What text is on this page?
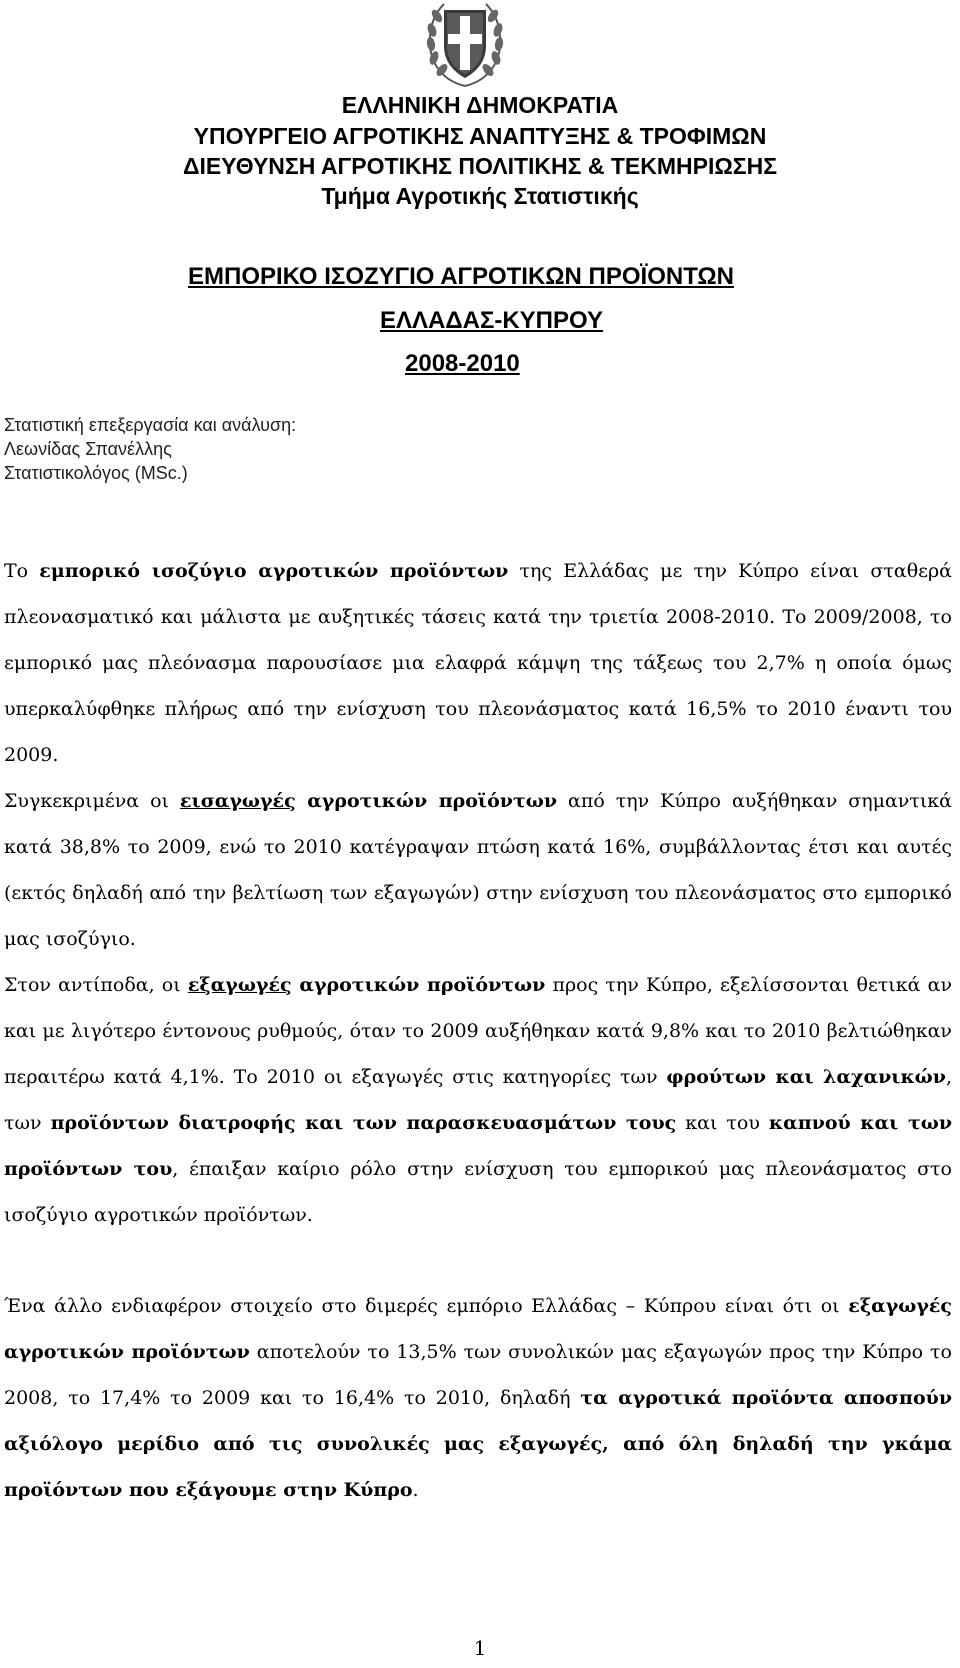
ΕΛΛΗΝΙΚΗ ΔΗΜΟΚΡΑΤΙΑ
ΥΠΟΥΡΓΕΙΟ ΑΓΡΟΤΙΚΗΣ ΑΝΑΠΤΥΞΗΣ & ΤΡΟΦΙΜΩΝ
ΔΙΕΥΘΥΝΣΗ ΑΓΡΟΤΙΚΗΣ ΠΟΛΙΤΙΚΗΣ & ΤΕΚΜΗΡΙΩΣΗΣ
Τμήμα Αγροτικής Στατιστικής
ΕΜΠΟΡΙΚΟ ΙΣΟΖΥΓΙΟ ΑΓΡΟΤΙΚΩΝ ΠΡΟΪΟΝΤΩΝ
ΕΛΛΑΔΑΣ-ΚΥΠΡΟΥ
2008-2010
Στατιστική επεξεργασία και ανάλυση:
Λεωνίδας Σπανέλλης
Στατιστικολόγος (MSc.)

Το εμπορικό ισοζύγιο αγροτικών προϊόντων της Ελλάδας με την Κύπρο είναι σταθερά πλεονασματικό και μάλιστα με αυξητικές τάσεις κατά την τριετία 2008-2010. Το 2009/2008, το εμπορικό μας πλεόνασμα παρουσίασε μια ελαφρά κάμψη της τάξεως του 2,7% η οποία όμως υπερκαλύφθηκε πλήρως από την ενίσχυση του πλεονάσματος κατά 16,5% το 2010 έναντι του 2009.

Συγκεκριμένα οι εισαγωγές αγροτικών προϊόντων από την Κύπρο αυξήθηκαν σημαντικά κατά 38,8% το 2009, ενώ το 2010 κατέγραψαν πτώση κατά 16%, συμβάλλοντας έτσι και αυτές (εκτός δηλαδή από την βελτίωση των εξαγωγών) στην ενίσχυση του πλεονάσματος στο εμπορικό μας ισοζύγιο.

Στον αντίποδα, οι εξαγωγές αγροτικών προϊόντων προς την Κύπρο, εξελίσσονται θετικά αν και με λιγότερο έντονους ρυθμούς, όταν το 2009 αυξήθηκαν κατά 9,8% και το 2010 βελτιώθηκαν περαιτέρω κατά 4,1%. Το 2010 οι εξαγωγές στις κατηγορίες των φρούτων και λαχανικών, των προϊόντων διατροφής και των παρασκευασμάτων τους και του καπνού και των προϊόντων του, έπαιξαν καίριο ρόλο στην ενίσχυση του εμπορικού μας πλεονάσματος στο ισοζύγιο αγροτικών προϊόντων.

Ένα άλλο ενδιαφέρον στοιχείο στο διμερές εμπόριο Ελλάδας – Κύπρου είναι ότι οι εξαγωγές αγροτικών προϊόντων αποτελούν το 13,5% των συνολικών μας εξαγωγών προς την Κύπρο το 2008, το 17,4% το 2009 και το 16,4% το 2010, δηλαδή τα αγροτικά προϊόντα αποσπούν αξιόλογο μερίδιο από τις συνολικές μας εξαγωγές, από όλη δηλαδή την γκάμα προϊόντων που εξάγουμε στην Κύπρο.

1
